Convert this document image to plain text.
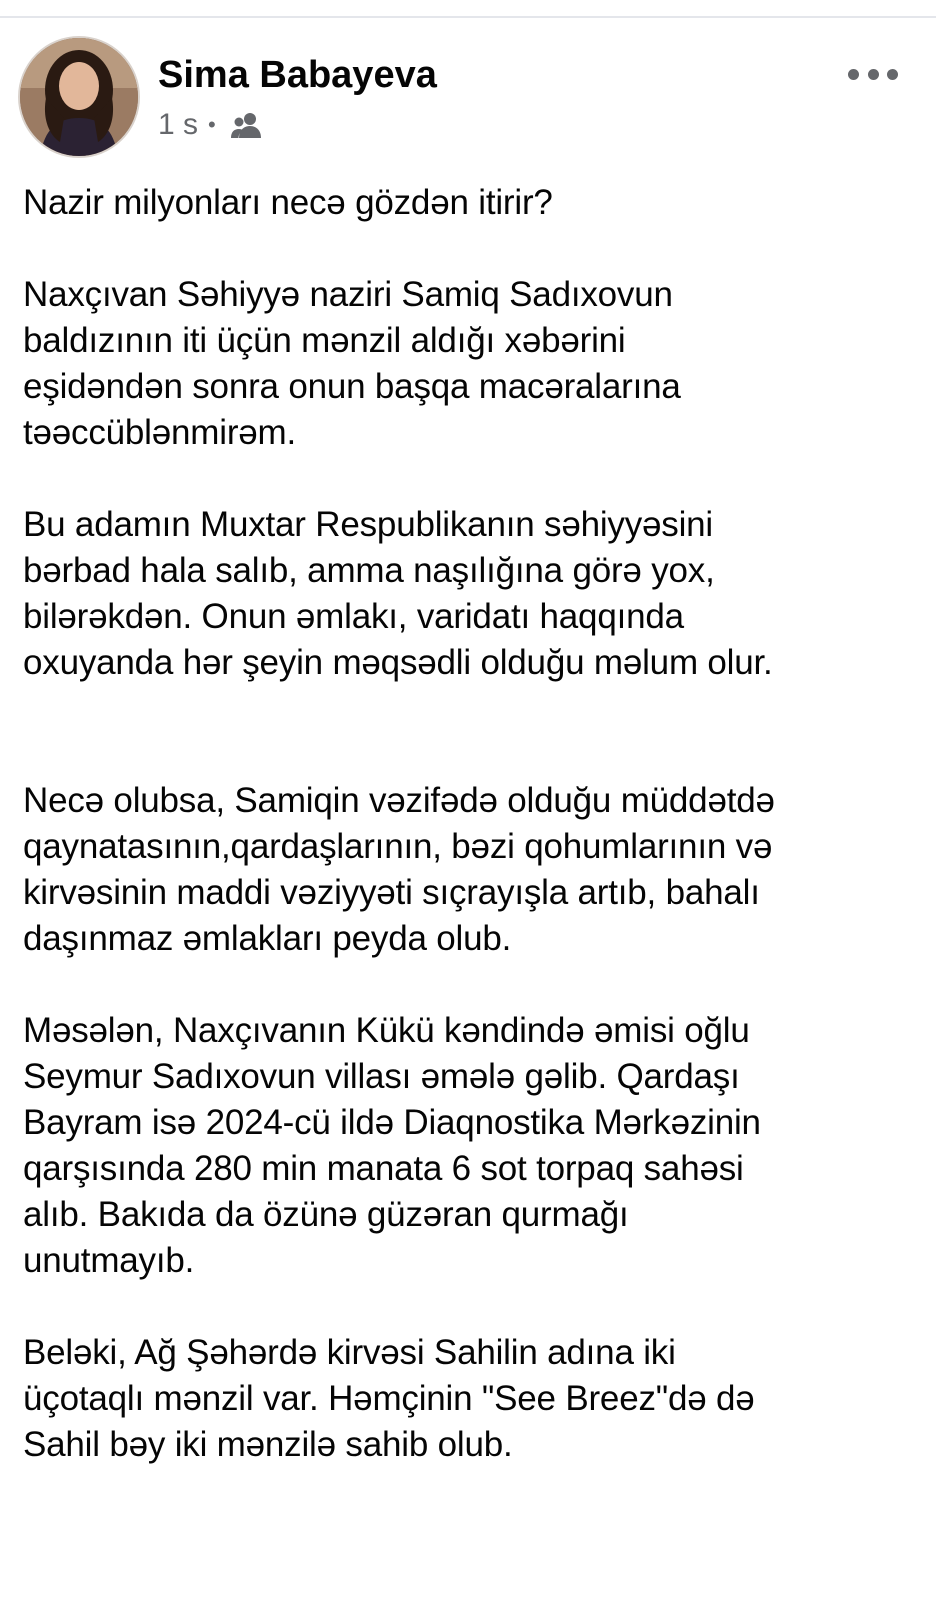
Sima Babayeva
1 s •

Nazir milyonları necə gözdən itirir?

Naxçıvan Səhiyyə naziri Samiq Sadıxovun
baldızının iti üçün mənzil aldığı xəbərini
eşidəndən sonra onun başqa macəralarına
təəccüblənmirəm.

Bu adamın Muxtar Respublikanın səhiyyəsini
bərbad hala salıb, amma naşılığına görə yox,
bilərəkdən. Onun əmlakı, varidatı haqqında
oxuyanda hər şeyin məqsədli olduğu məlum olur.

Necə olubsa, Samiqin vəzifədə olduğu müddətdə
qaynatasının,qardaşlarının, bəzi qohumlarının və
kirvəsinin maddi vəziyyəti sıçrayışla artıb, bahalı
daşınmaz əmlakları peyda olub.

Məsələn, Naxçıvanın Kükü kəndində əmisi oğlu
Seymur Sadıxovun villası əmələ gəlib. Qardaşı
Bayram isə 2024-cü ildə Diaqnostika Mərkəzinin
qarşısında 280 min manata 6 sot torpaq sahəsi
alıb. Bakıda da özünə güzəran qurmağı
unutmayıb.

Beləki, Ağ Şəhərdə kirvəsi Sahilin adına iki
üçotaqlı mənzil var. Həmçinin "See Breez"də də
Sahil bəy iki mənzilə sahib olub.
